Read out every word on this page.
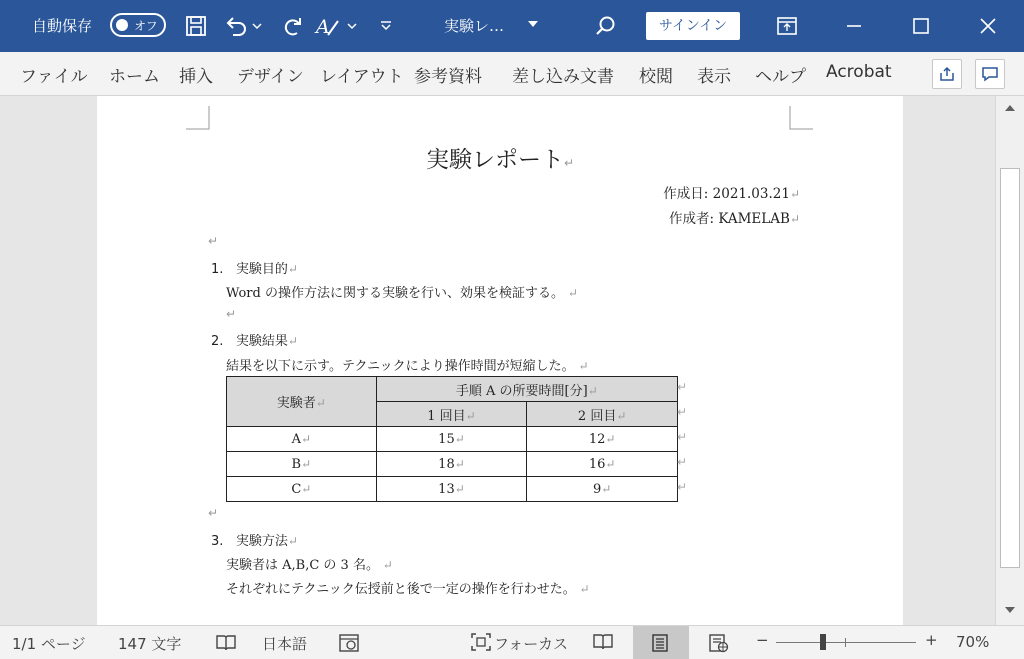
自動保存	オフ	A	実験レ…	サインイン
ファイル ホーム 挿入 デザイン レイアウト 参考資料 差し込み文書 校閲 表示 ヘルプ Acrobat
実験レポート↵
作成日: 2021.03.21↵
作成者: KAMELAB↵
↵
1. 実験目的↵
Word の操作方法に関する実験を行い、効果を検証する。 ↵
↵
2. 実験結果↵
結果を以下に示す。テクニックにより操作時間が短縮した。 ↵
実験者↵	手順 A の所要時間[分]↵	
	1 回目↵	2 回目↵
A↵	15↵	12↵
B↵	18↵	16↵
C↵	13↵	9↵
↵
↵
↵
↵
↵
↵
3. 実験方法↵
実験者は A,B,C の 3 名。 ↵
それぞれにテクニック伝授前と後で一定の操作を行わせた。 ↵
1/1 ページ 147 文字	日本語	フォーカス	−	+ 70%
